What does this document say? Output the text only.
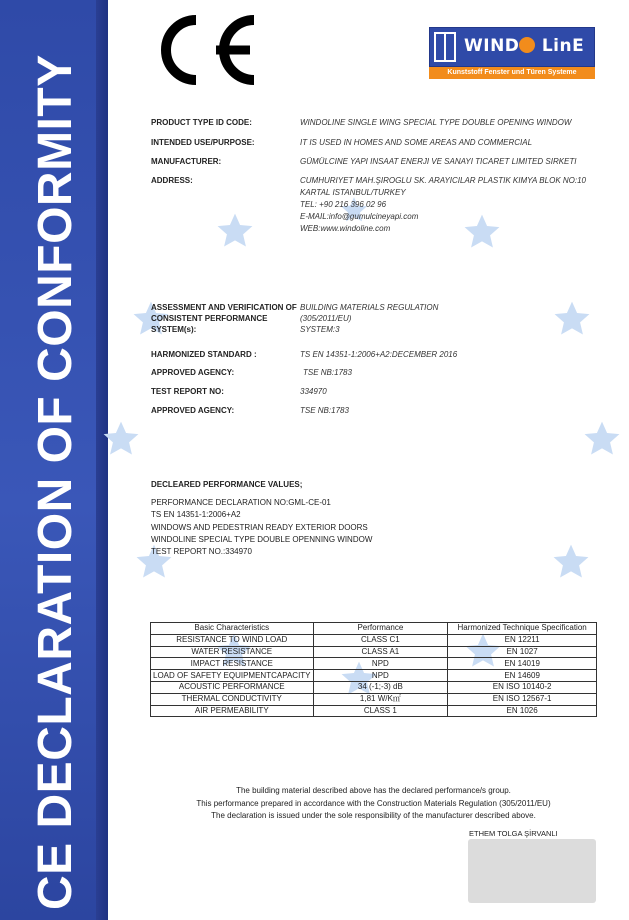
CE DECLARATION OF CONFORMITY
WIND LinE
Kunststoff Fenster und Türen Systeme
PRODUCT TYPE ID CODE:	WINDOLINE SINGLE WING SPECIAL TYPE DOUBLE OPENING WINDOW
INTENDED USE/PURPOSE:	IT IS USED IN HOMES AND SOME AREAS AND COMMERCIAL
MANUFACTURER:	GÜMÜLCINE YAPI INSAAT ENERJI VE SANAYI TICARET LIMITED SIRKETI
ADDRESS:	CUMHURIYET MAH.ŞIROGLU SK. ARAYICILAR PLASTIK KIMYA BLOK NO:10
KARTAL ISTANBUL/TURKEY
TEL: +90 216 396 02 96
E-MAIL:info@gumulcineyapi.com
WEB:www.windoline.com
ASSESSMENT AND VERIFICATION OF
CONSISTENT PERFORMANCE
SYSTEM(s):
BUILDING MATERIALS REGULATION
(305/2011/EU)
SYSTEM:3
HARMONIZED STANDARD :	TS EN 14351-1:2006+A2:DECEMBER 2016
APPROVED AGENCY:	TSE NB:1783
TEST REPORT NO:	334970
APPROVED AGENCY:	TSE NB:1783
DECLEARED PERFORMANCE VALUES;
PERFORMANCE DECLARATION NO:GML-CE-01
TS EN 14351-1:2006+A2
WINDOWS AND PEDESTRIAN READY EXTERIOR DOORS
WINDOLINE SPECIAL TYPE DOUBLE OPENNING WINDOW
TEST REPORT NO.:334970
Basic Characteristics	Performance	Harmonized Technique Specification
RESISTANCE TO WIND LOAD	CLASS C1	EN 12211
WATER RESISTANCE	CLASS A1	EN 1027
IMPACT RESISTANCE	NPD	EN 14019
LOAD OF SAFETY EQUIPMENTCAPACITY	NPD	EN 14609
ACOUSTIC PERFORMANCE	34 (-1;-3) dB	EN ISO 10140-2
THERMAL CONDUCTIVITY	1,81 W/K㎡	EN ISO 12567-1
AIR PERMEABILITY	CLASS 1	EN 1026
The building material described above has the declared performance/s group.
This performance prepared in accordance with the Construction Materials Regulation (305/2011/EU)
The declaration is issued under the sole responsibility of the manufacturer described above.
ETHEM TOLGA ŞİRVANLI
